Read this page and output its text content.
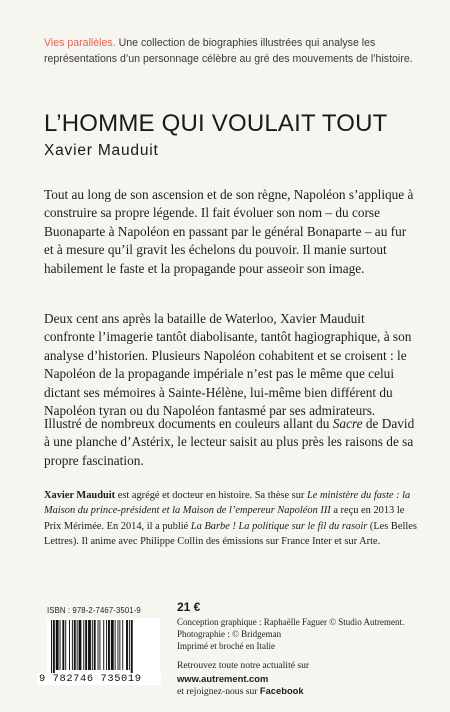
Vies parallèles. Une collection de biographies illustrées qui analyse les représentations d’un personnage célèbre au gré des mouvements de l’histoire.
L’HOMME QUI VOULAIT TOUT
Xavier Mauduit

Tout au long de son ascension et de son règne, Napoléon s’applique à construire sa propre légende. Il fait évoluer son nom – du corse Buonaparte à Napoléon en passant par le général Bonaparte – au fur et à mesure qu’il gravit les échelons du pouvoir. Il manie surtout habilement le faste et la propagande pour asseoir son image.

Deux cent ans après la bataille de Waterloo, Xavier Mauduit confronte l’imagerie tantôt diabolisante, tantôt hagiographique, à son analyse d’historien. Plusieurs Napoléon cohabitent et se croisent : le Napoléon de la propagande impériale n’est pas le même que celui dictant ses mémoires à Sainte-Hélène, lui-même bien différent du Napoléon tyran ou du Napoléon fantasmé par ses admirateurs.

Illustré de nombreux documents en couleurs allant du Sacre de David à une planche d’Astérix, le lecteur saisit au plus près les raisons de sa propre fascination.

Xavier Mauduit est agrégé et docteur en histoire. Sa thèse sur Le ministère du faste : la Maison du prince-président et la Maison de l’empereur Napoléon III a reçu en 2013 le Prix Mérimée. En 2014, il a publié La Barbe ! La politique sur le fil du rasoir (Les Belles Lettres). Il anime avec Philippe Collin des émissions sur France Inter et sur Arte.

ISBN : 978-2-7467-3501-9
9 782746 735019
21 €
Conception graphique : Raphaëlle Faguer © Studio Autrement.
Photographie : © Bridgeman
Imprimé et broché en Italie
Retrouvez toute notre actualité sur
www.autrement.com
et rejoignez-nous sur Facebook
